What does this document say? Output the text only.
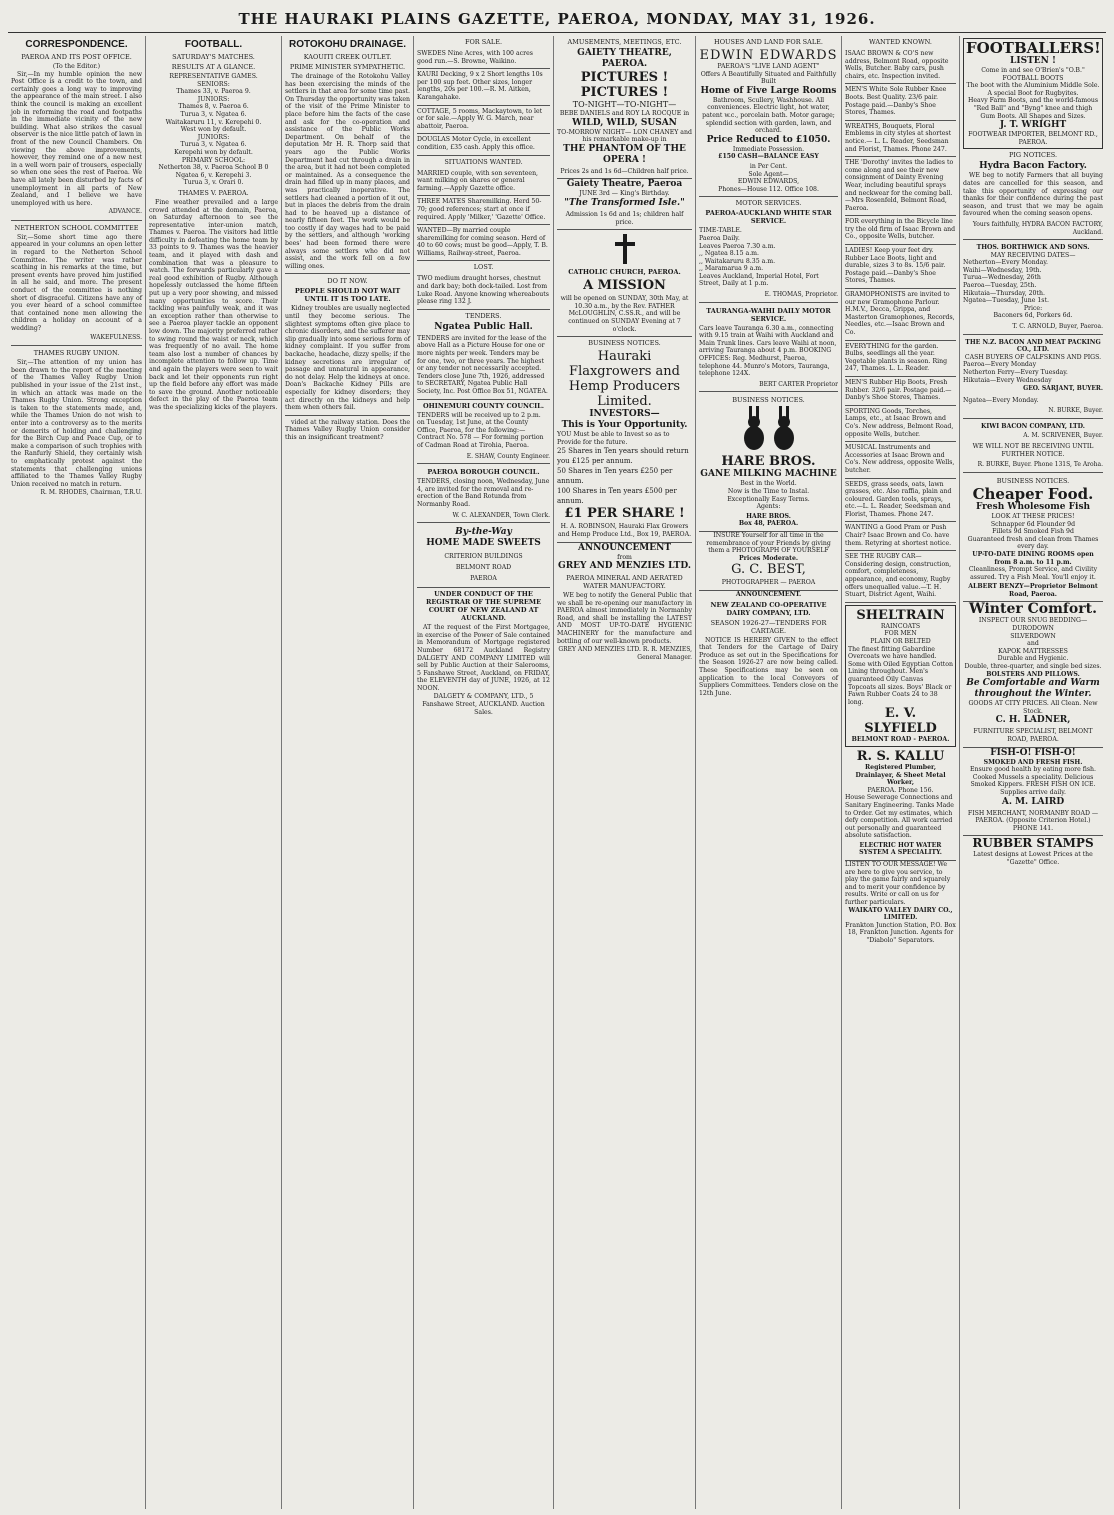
THE HAURAKI PLAINS GAZETTE, PAEROA, MONDAY, MAY 31, 1926.
CORRESPONDENCE.
PAEROA AND ITS POST OFFICE.
(To the Editor.)

Sir,—In my humble opinion the new Post Office is a credit to the town, and certainly goes a long way to improving the appearance of the main street. I also think the council is making an excellent job in reforming the road and footpaths in the immediate vicinity of the new building. What also strikes the casual observer is the nice little patch of lawn in front of the new Council Chambers. On viewing the above improvements, however, they remind one of a new nest in a well worn pair of trousers, especially so when one sees the rest of Paeroa. We have all lately been disturbed by facts of unemployment in all parts of New Zealand, and I believe we have unemployed with us here.

ADVANCE.
NETHERTON SCHOOL COMMITTEE

Sir,—Some short time ago there appeared in your columns an open letter in regard to the Netherton School Committee. The writer was rather scathing in his remarks at the time, but present events have proved him justified in all he said, and more. The present conduct of the committee is nothing short of disgraceful. Citizens have any of you ever heard of a school committee that contained none men allowing the children a holiday on account of a wedding?

WAKEFULNESS.
THAMES RUGBY UNION.

Sir,—The attention of my union has been drawn to the report of the meeting of the Thames Valley Rugby Union published in your issue of the 21st inst., in which an attack was made on the Thames Rugby Union. Strong exception is taken to the statements made, and, while the Thames Union do not wish to enter into a controversy as to the merits or demerits of holding and challenging for the Birch Cup and Peace Cup, or to make a comparison of such trophies with the Ranfurly Shield, they certainly wish to emphatically protest against the statements that challenging unions affiliated to the Thames Valley Rugby Union received no match in return.

R. M. RHODES, Chairman, T.R.U.
FOOTBALL.
SATURDAY'S MATCHES.
RESULTS AT A GLANCE.
REPRESENTATIVE GAMES.
SENIORS:
Thames 33, v. Paeroa 9.
JUNIORS:
Thames 8, v. Paeroa 6.
Turua 3, v. Ngatea 6.
Waitakaruru 11, v. Kerepehi 0.
West won by default.
JUNIORS:
Turua 3, v. Ngatea 6.
Kerepehi won by default.
PRIMARY SCHOOL:
Netherton 38, v. Paeroa School B 0
Ngatea 6, v. Kerepehi 3.
Turua 3, v. Orari 0.
THAMES V. PAEROA.

Fine weather prevailed and a large crowd attended at the domain, Paeroa, on Saturday afternoon to see the representative inter-union match, Thames v. Paeroa. The visitors had little difficulty in defeating the home team by 33 points to 9. Thames was the heavier team, and it played with dash and combination that was a pleasure to watch. The forwards particularly gave a real good exhibition of Rugby. Although hopelessly outclassed the home fifteen put up a very poor showing, and missed many opportunities to score. Their tackling was painfully weak, and it was an exception rather than otherwise to see a Paeroa player tackle an opponent low down. The majority preferred rather to swing round the waist or neck, which was frequently of no avail. The home team also lost a number of chances by incomplete attention to follow up. Time and again the players were seen to wait back and let their opponents run right up the field before any effort was made to save the ground. Another noticeable defect in the play of the Paeroa team was the specializing kicks of the players.

ROTOKOHU DRAINAGE.
KAOUITI CREEK OUTLET.
PRIME MINISTER SYMPATHETIC.

The drainage of the Rotokohu Valley has been exercising the minds of the settlers in that area for some time past. On Thursday the opportunity was taken of the visit of the Prime Minister to place before him the facts of the case and ask for the co-operation and assistance of the Public Works Department. On behalf of the deputation Mr H. R. Thorp said that years ago the Public Works Department had cut through a drain in the area, but it had not been completed or maintained. As a consequence the drain had filled up in many places, and was practically inoperative. The settlers had cleaned a portion of it out, but in places the debris from the drain had to be heaved up a distance of nearly fifteen feet. The work would be too costly if day wages had to be paid by the settlers, and although 'working bees' had been formed there were always some settlers who did not assist, and the work fell on a few willing ones.

DO IT NOW.
PEOPLE SHOULD NOT WAIT UNTIL IT IS TOO LATE.

Kidney troubles are usually neglected until they become serious. The slightest symptoms often give place to chronic disorders, and the sufferer may slip gradually into some serious form of kidney complaint. If you suffer from backache, headache, dizzy spells; if the kidney secretions are irregular of passage and unnatural in appearance, do not delay. Help the kidneys at once. Doan's Backache Kidney Pills are especially for kidney disorders; they act directly on the kidneys and help them when others fail.

vided at the railway station. Does the Thames Valley Rugby Union consider this an insignificant treatment?

FOR SALE.
SWEDES Nine Acres, with 100 acres good run.—S. Browne, Waikino.
KAURI Decking, 9 x 2 Short lengths 10s per 100 sup feet. Other sizes, longer lengths, 20s per 100.—R. M. Aitken, Karangahake.
COTTAGE, 5 rooms, Mackaytown, to let or for sale.—Apply W. G. March, near abattoir, Paeroa.
DOUGLAS Motor Cycle, in excellent condition, £35 cash. Apply this office.
SITUATIONS WANTED.
MARRIED couple, with son seventeen, want milking on shares or general farming.—Apply Gazette office.
THREE MATES Sharemilking. Herd 50-70; good references; start at once if required. Apply 'Milker,' 'Gazette' Office.
WANTED—By married couple sharemilking for coming season. Herd of 40 to 60 cows; must be good—Apply, T. B. Williams, Railway-street, Paeroa.
LOST.
TWO medium draught horses, chestnut and dark bay; both dock-tailed. Lost from Luke Road. Anyone knowing whereabouts please ring 132 J.
TENDERS.
Ngatea Public Hall.
TENDERS are invited for the lease of the above Hall as a Picture House for one or more nights per week. Tenders may be for one, two, or three years. The highest or any tender not necessarily accepted. Tenders close June 7th, 1926, addressed to SECRETARY, Ngatea Public Hall Society, Inc. Post Office Box 51, NGATEA.
OHINEMURI COUNTY COUNCIL.
TENDERS will be received up to 2 p.m. on Tuesday, 1st June, at the County Office, Paeroa, for the following:— Contract No. 578 — For forming portion of Cadman Road at Tirohia, Paeroa.
E. SHAW, County Engineer.
PAEROA BOROUGH COUNCIL.
TENDERS, closing noon, Wednesday, June 4, are invited for the removal and re-erection of the Band Rotunda from Normanby Road.
W. C. ALEXANDER, Town Clerk.
By-the-Way
HOME MADE SWEETS
CRITERION BUILDINGS
BELMONT ROAD
PAEROA
UNDER CONDUCT OF THE REGISTRAR OF THE SUPREME COURT OF NEW ZEALAND AT AUCKLAND.

AT the request of the First Mortgagee, in exercise of the Power of Sale contained in Memorandum of Mortgage registered Number 68172 Auckland Registry DALGETY AND COMPANY LIMITED will sell by Public Auction at their Salerooms, 5 Fanshawe Street, Auckland, on FRIDAY, the ELEVENTH day of JUNE, 1926, at 12 NOON.

DALGETY & COMPANY, LTD., 5 Fanshawe Street, AUCKLAND. Auction Sales.
AMUSEMENTS, MEETINGS, ETC.
GAIETY THEATRE, PAEROA.
PICTURES !
PICTURES !
TO-NIGHT—TO-NIGHT—
BEBE DANIELS and ROY LA ROCQUE in
WILD, WILD, SUSAN
TO-MORROW NIGHT— LON CHANEY and his remarkable make-up in
THE PHANTOM OF THE OPERA !
Prices 2s and 1s 6d—Children half price.
Gaiety Theatre, Paeroa
JUNE 3rd — King's Birthday.
"The Transformed Isle."
Admission 1s 6d and 1s; children half price.
CATHOLIC CHURCH, PAEROA.
A MISSION
will be opened on SUNDAY, 30th May, at 10.30 a.m., by the Rev. FATHER McLOUGHLIN, C.SS.R., and will be continued on SUNDAY Evening at 7 o'clock.
BUSINESS NOTICES.
Hauraki Flaxgrowers and Hemp Producers Limited.
INVESTORS—
This is Your Opportunity.
YOU Must be able to Invest so as to Provide for the future.
25 Shares in Ten years should return you £125 per annum.
50 Shares in Ten years £250 per annum.
100 Shares in Ten years £500 per annum.
£1 PER SHARE !
H. A. ROBINSON, Hauraki Flax Growers and Hemp Produce Ltd., Box 19, PAEROA.
ANNOUNCEMENT
from
GREY AND MENZIES LTD.
PAEROA MINERAL AND AERATED WATER MANUFACTORY.

WE beg to notify the General Public that we shall be re-opening our manufactory in PAEROA almost immediately in Normanby Road, and shall be installing the LATEST AND MOST UP-TO-DATE HYGIENIC MACHINERY for the manufacture and bottling of our well-known products.

GREY AND MENZIES LTD. R. R. MENZIES, General Manager.
HOUSES AND LAND FOR SALE.
EDWIN EDWARDS
PAEROA'S "LIVE LAND AGENT"
Offers A Beautifully Situated and Faithfully Built
Home of Five Large Rooms
Bathroom, Scullery, Washhouse. All conveniences. Electric light, hot water, patent w.c., porcelain bath. Motor garage; splendid section with garden, lawn, and orchard.
Price Reduced to £1050.
Immediate Possession.
£150 CASH—BALANCE EASY
in Per Cent.
Sole Agent—
EDWIN EDWARDS,
Phones—House 112. Office 108.
MOTOR SERVICES.
PAEROA-AUCKLAND WHITE STAR SERVICE.
TIME-TABLE.
Paeroa Daily.
Leaves Paeroa 7.30 a.m.
,, Ngatea 8.15 a.m.
,, Waitakaruru 8.35 a.m.
,, Maramarua 9 a.m.
Leaves Auckland, Imperial Hotel, Fort Street, Daily at 1 p.m.
E. THOMAS, Proprietor.
TAURANGA-WAIHI DAILY MOTOR SERVICE.
Cars leave Tauranga 6.30 a.m., connecting with 9.15 train at Waihi with Auckland and Main Trunk lines. Cars leave Waihi at noon, arriving Tauranga about 4 p.m. BOOKING OFFICES: Reg. Medhurst, Paeroa, telephone 44. Munro's Motors, Tauranga, telephone 124X.
BERT CARTER Proprietor
BUSINESS NOTICES.
HARE BROS.
GANE MILKING MACHINE
Best in the World.
Now is the Time to Instal.
Exceptionally Easy Terms.
Agents:
HARE BROS.
Box 48, PAEROA.
INSURE Yourself for all time in the remembrance of your Friends by giving them a PHOTOGRAPH OF YOURSELF
Prices Moderate.
G. C. BEST,
PHOTOGRAPHER — PAEROA
ANNOUNCEMENT.
NEW ZEALAND CO-OPERATIVE DAIRY COMPANY, LTD.
SEASON 1926-27—TENDERS FOR CARTAGE.

NOTICE IS HEREBY GIVEN to the effect that Tenders for the Cartage of Dairy Produce as set out in the Specifications for the Season 1926-27 are now being called. These Specifications may be seen on application to the local Conveyors of Suppliers Committees. Tenders close on the 12th June.

WANTED KNOWN.
ISAAC BROWN & CO'S new address, Belmont Road, opposite Wells, Butcher. Baby cars, push chairs, etc. Inspection invited.
MEN'S White Sole Rubber Knee Boots. Best Quality. 23/6 pair. Postage paid.—Danby's Shoe Stores, Thames.
WREATHS, Bouquets, Floral Emblems in city styles at shortest notice.— L. L. Reader, Seedsman and Florist, Thames. Phone 247.
THE 'Dorothy' invites the ladies to come along and see their new consignment of Dainty Evening Wear, including beautiful sprays and neckwear for the coming ball.—Mrs Rosenfeld, Belmont Road, Paeroa.
FOR everything in the Bicycle line try the old firm of Isaac Brown and Co., opposite Wells, butcher.
LADIES! Keep your feet dry. Rubber Lace Boots, light and durable, sizes 3 to 8s. 15/6 pair. Postage paid.—Danby's Shoe Stores, Thames.
GRAMOPHONISTS are invited to our new Gramophone Parlour. H.M.V., Decca, Grippa, and Masterton Gramophones, Records, Needles, etc.—Isaac Brown and Co.
EVERYTHING for the garden. Bulbs, seedlings all the year. Vegetable plants in season. Ring 247, Thames. L. L. Reader.
MEN'S Rubber Hip Boots, Fresh Rubber. 32/6 pair. Postage paid.—Danby's Shoe Stores, Thames.
SPORTING Goods, Torches, Lamps, etc., at Isaac Brown and Co's. New address, Belmont Road, opposite Wells, butcher.
MUSICAL Instruments and Accessories at Isaac Brown and Co's. New address, opposite Wells, butcher.
SEEDS, grass seeds, oats, lawn grasses, etc. Also raffia, plain and coloured. Garden tools, sprays, etc.—L. L. Reader, Seedsman and Florist, Thames. Phone 247.
WANTING a Good Pram or Push Chair? Isaac Brown and Co. have them. Retyring at shortest notice.
SEE THE RUGBY CAR—Considering design, construction, comfort, completeness, appearance, and economy, Rugby offers unequalled value.—T. H. Stuart, District Agent, Waihi.
SHELTRAIN
RAINCOATS
FOR MEN
PLAIN OR BELTED
The finest fitting Gabardine Overcoats we have handled. Some with Oiled Egyptian Cotton Lining throughout. Men's guaranteed Oily Canvas Topcoats all sizes. Boys' Black or Fawn Rubber Coats 24 to 38 long.
E. V. SLYFIELD
BELMONT ROAD - PAEROA.
R. S. KALLU
Registered Plumber, Drainlayer, & Sheet Metal Worker,
PAEROA. Phone 156.
House Sewerage Connections and Sanitary Engineering. Tanks Made to Order. Get my estimates, which defy competition. All work carried out personally and guaranteed absolute satisfaction.
ELECTRIC HOT WATER SYSTEM A SPECIALITY.
LISTEN TO OUR MESSAGE! We are here to give you service, to play the game fairly and squarely and to merit your confidence by results. Write or call on us for further particulars.
WAIKATO VALLEY DAIRY CO., LIMITED.
Frankton Junction Station, P.O. Box 18, Frankton Junction. Agents for "Diabolo" Separators.
FOOTBALLERS!
LISTEN !
Come in and see O'Brien's "O.B." FOOTBALL BOOTS
The boot with the Aluminium Middle Sole. A special Boot for Rugbyites.
Heavy Farm Boots, and the world-famous "Red Ball" and "Byng" knee and thigh Gum Boots. All Shapes and Sizes.
J. T. WRIGHT
FOOTWEAR IMPORTER, BELMONT RD., PAEROA.
PIG NOTICES.
Hydra Bacon Factory.

WE beg to notify Farmers that all buying dates are cancelled for this season, and take this opportunity of expressing our thanks for their confidence during the past season, and trust that we may be again favoured when the coming season opens.

Yours faithfully, HYDRA BACON FACTORY, Auckland.
THOS. BORTHWICK AND SONS.
MAY RECEIVING DATES—
Netherton—Every Monday.
Waihi—Wednesday, 19th.
Turua—Wednesday, 26th
Paeroa—Tuesday, 25th.
Hikutaia—Thursday, 20th.
Ngatea—Tuesday, June 1st.
Price:
Baconers 6d, Porkers 6d.
T. C. ARNOLD, Buyer, Paeroa.
THE N.Z. BACON AND MEAT PACKING CO., LTD.
CASH BUYERS OF CALFSKINS AND PIGS.
Paeroa—Every Monday
Netherton Ferry—Every Tuesday.
Hikutaia—Every Wednesday
GEO. SARJANT, BUYER.
Ngatea—Every Monday.
N. BURKE, Buyer.
KIWI BACON COMPANY, LTD.
A. M. SCRIVENER, Buyer.
WE WILL NOT BE RECEIVING UNTIL FURTHER NOTICE.
R. BURKE, Buyer. Phone 131S, Te Aroha.
BUSINESS NOTICES.
Cheaper Food.
Fresh Wholesome Fish
LOOK AT THESE PRICES!
Schnapper 6d Flounder 9d
Fillets 9d Smoked Fish 9d
Guaranteed fresh and clean from Thames every day.
UP-TO-DATE DINING ROOMS open from 8 a.m. to 11 p.m.
Cleanliness, Prompt Service, and Civility assured. Try a Fish Meal. You'll enjoy it.
ALBERT BENZY—Proprietor Belmont Road, Paeroa.
Winter Comfort.
INSPECT OUR SNUG BEDDING—
DURODOWN
SILVERDOWN
and
KAPOK MATTRESSES
Durable and Hygienic.
Double, three-quarter, and single bed sizes.
BOLSTERS AND PILLOWS.
Be Comfortable and Warm throughout the Winter.
GOODS AT CITY PRICES. All Clean. New Stock.
C. H. LADNER,
FURNITURE SPECIALIST, BELMONT ROAD, PAEROA.
FISH-O! FISH-O!
SMOKED AND FRESH FISH.
Ensure good health by eating more fish. Cooked Mussels a speciality. Delicious Smoked Kippers. FRESH FISH ON ICE. Supplies arrive daily.
A. M. LAIRD
FISH MERCHANT, NORMANBY ROAD — PAEROA. (Opposite Criterion Hotel.) PHONE 141.
RUBBER STAMPS
Latest designs at Lowest Prices at the "Gazette" Office.
